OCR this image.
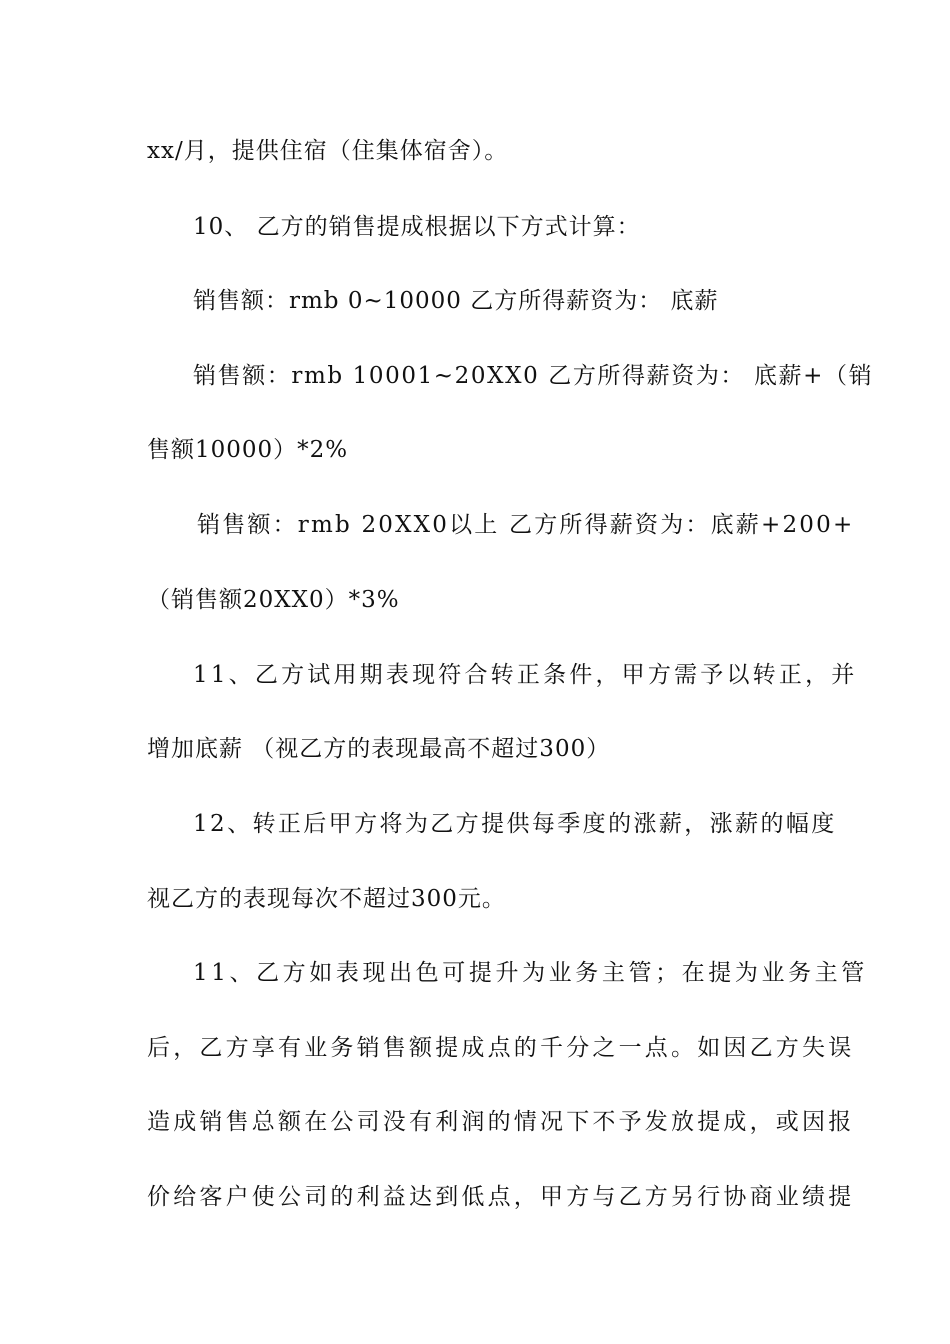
xx/月，提供住宿（住集体宿舍）。
10、 乙方的销售提成根据以下方式计算：
销售额：rmb 0~10000 乙方所得薪资为： 底薪
销售额：rmb 10001~20XX0 乙方所得薪资为： 底薪+（销
售额10000）*2%
销售额：rmb 20XX0以上 乙方所得薪资为：底薪+200+
（销售额20XX0）*3%
11、乙方试用期表现符合转正条件，甲方需予以转正，并
增加底薪 （视乙方的表现最高不超过300）
12、转正后甲方将为乙方提供每季度的涨薪，涨薪的幅度
视乙方的表现每次不超过300元。
11、乙方如表现出色可提升为业务主管；在提为业务主管
后，乙方享有业务销售额提成点的千分之一点。如因乙方失误
造成销售总额在公司没有利润的情况下不予发放提成，或因报
价给客户使公司的利益达到低点，甲方与乙方另行协商业绩提
